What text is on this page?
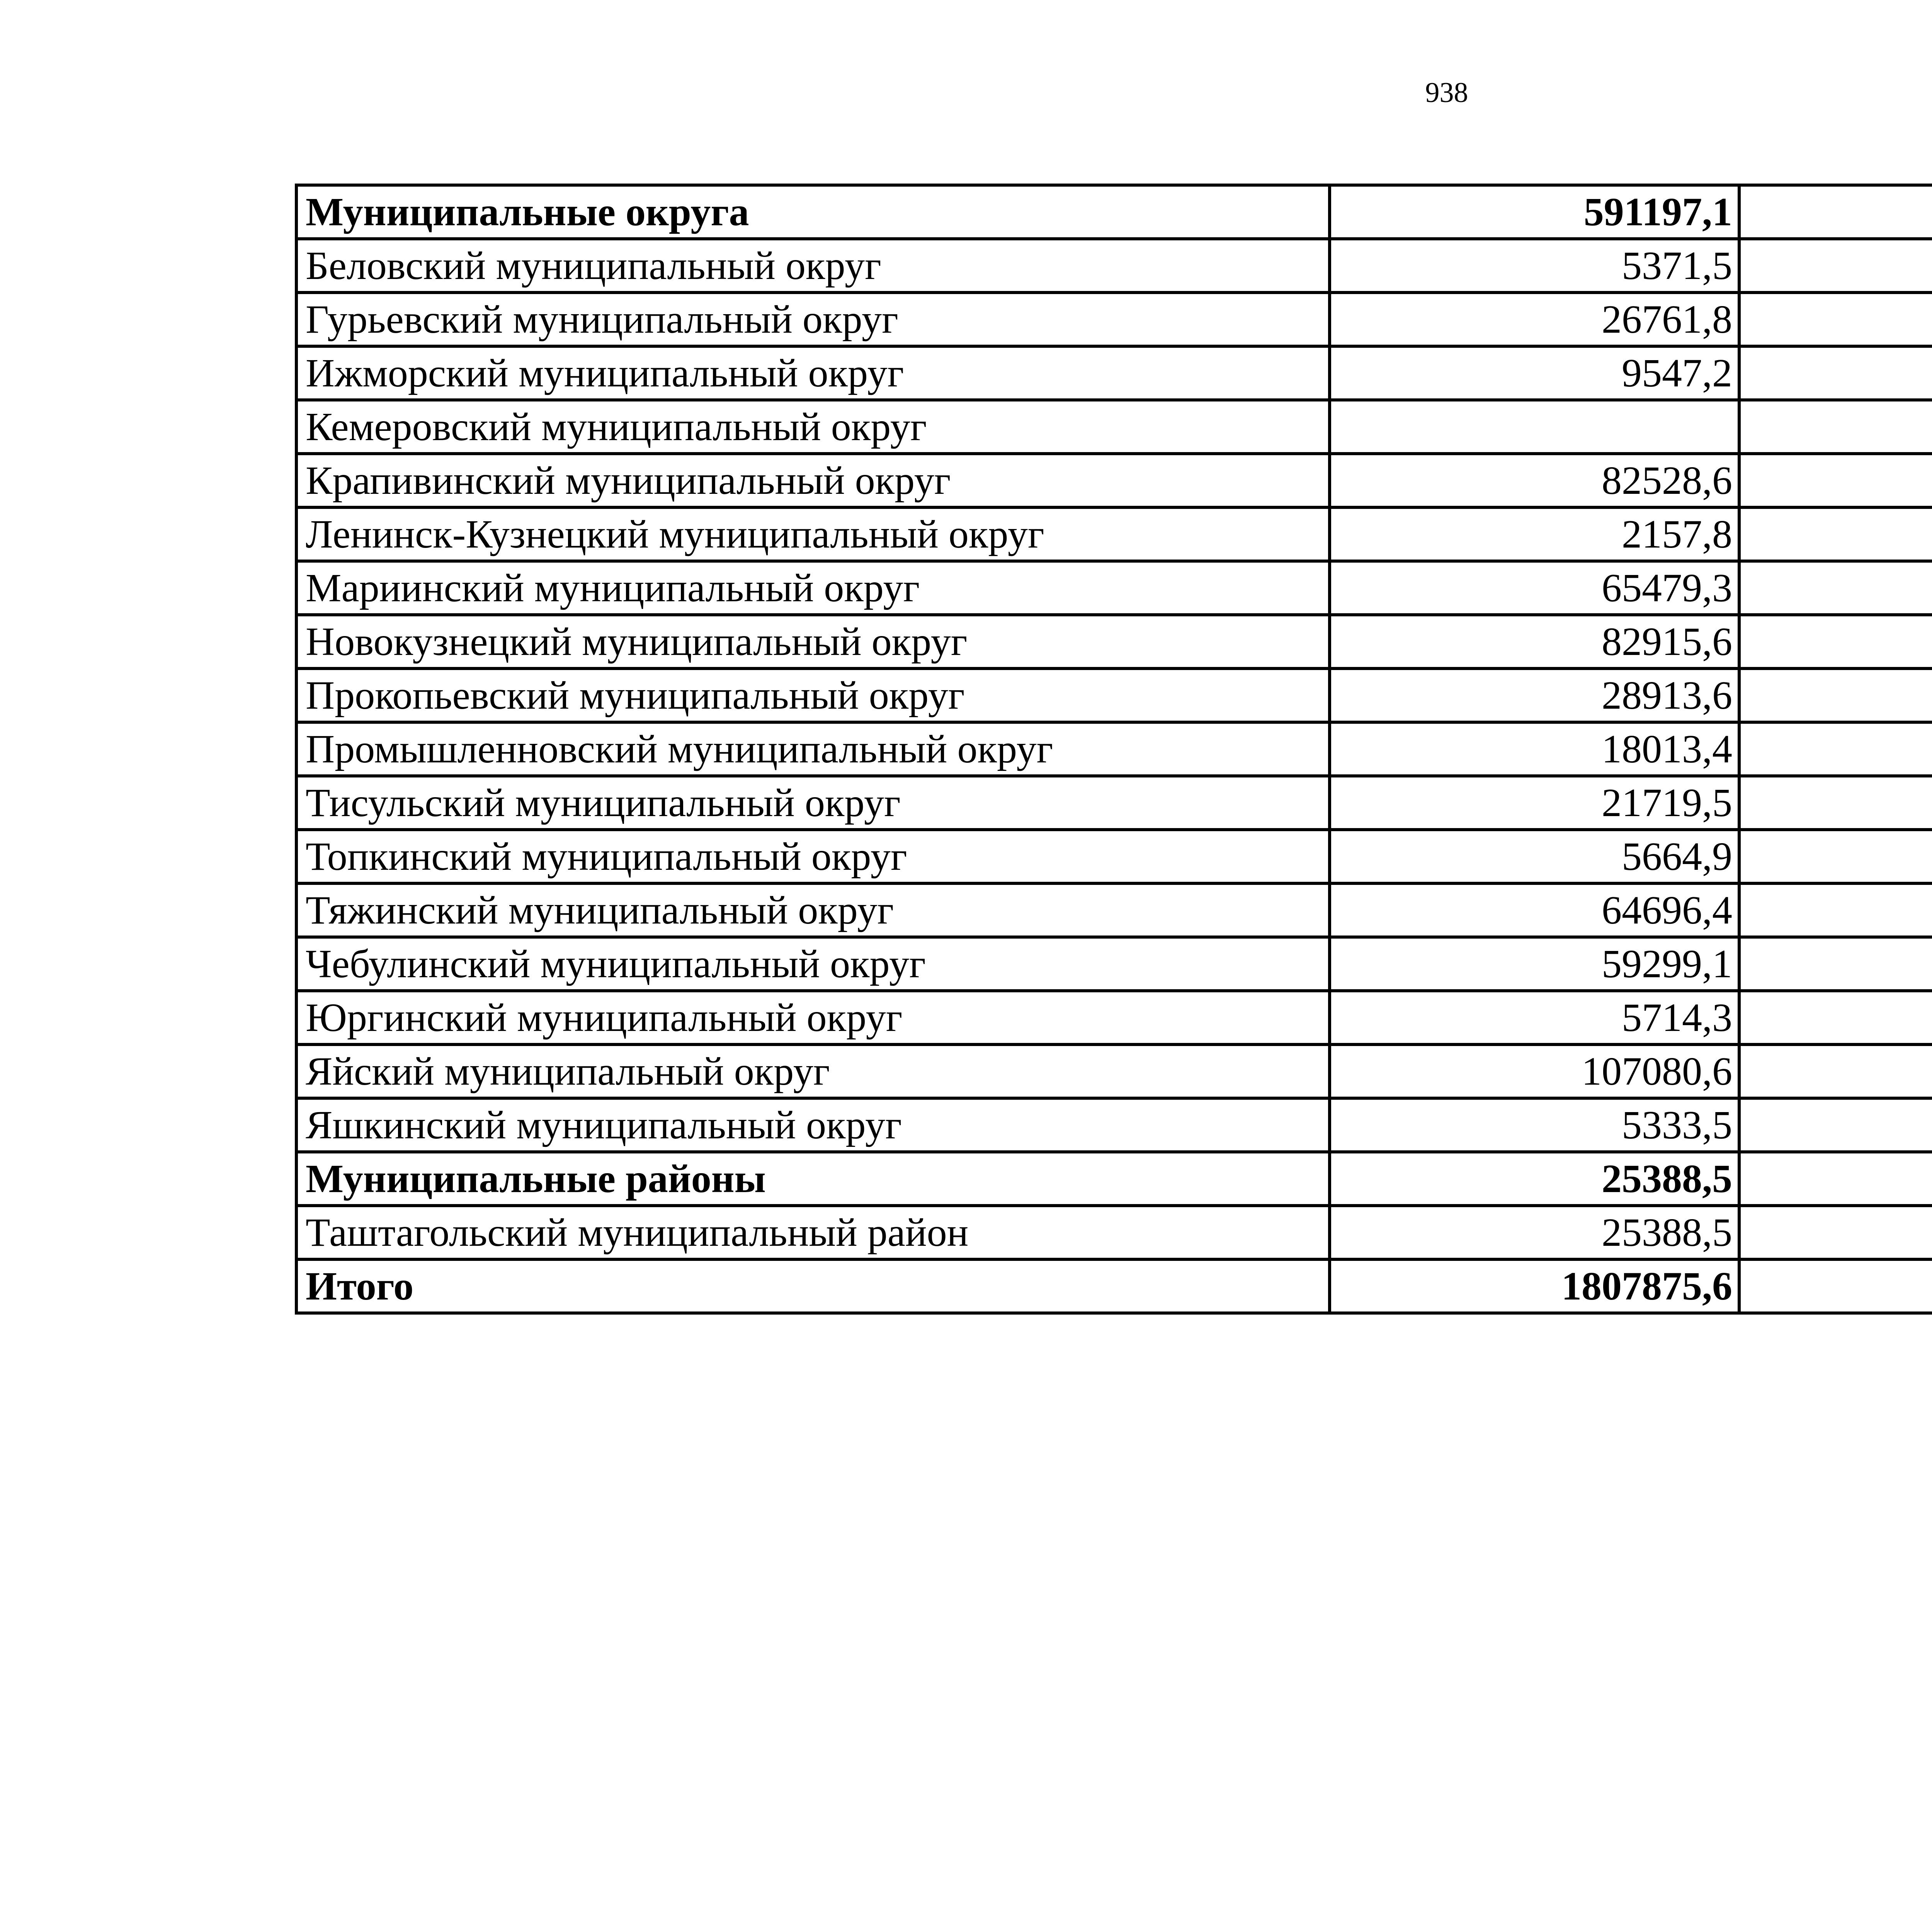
938
Муниципальные округа	591197,1		
Беловский муниципальный округ	5371,5		
Гурьевский муниципальный округ	26761,8		
Ижморский муниципальный округ	9547,2		
Кемеровский муниципальный округ			
Крапивинский муниципальный округ	82528,6		
Ленинск-Кузнецкий муниципальный округ	2157,8		
Мариинский муниципальный округ	65479,3		
Новокузнецкий муниципальный округ	82915,6		
Прокопьевский муниципальный округ	28913,6		
Промышленновский муниципальный округ	18013,4		
Тисульский муниципальный округ	21719,5		
Топкинский муниципальный округ	5664,9		
Тяжинский муниципальный округ	64696,4		
Чебулинский муниципальный округ	59299,1		
Юргинский муниципальный округ	5714,3		
Яйский муниципальный округ	107080,6		
Яшкинский муниципальный округ	5333,5		
Муниципальные районы	25388,5		
Таштагольский муниципальный район	25388,5		
Итого	1807875,6		
